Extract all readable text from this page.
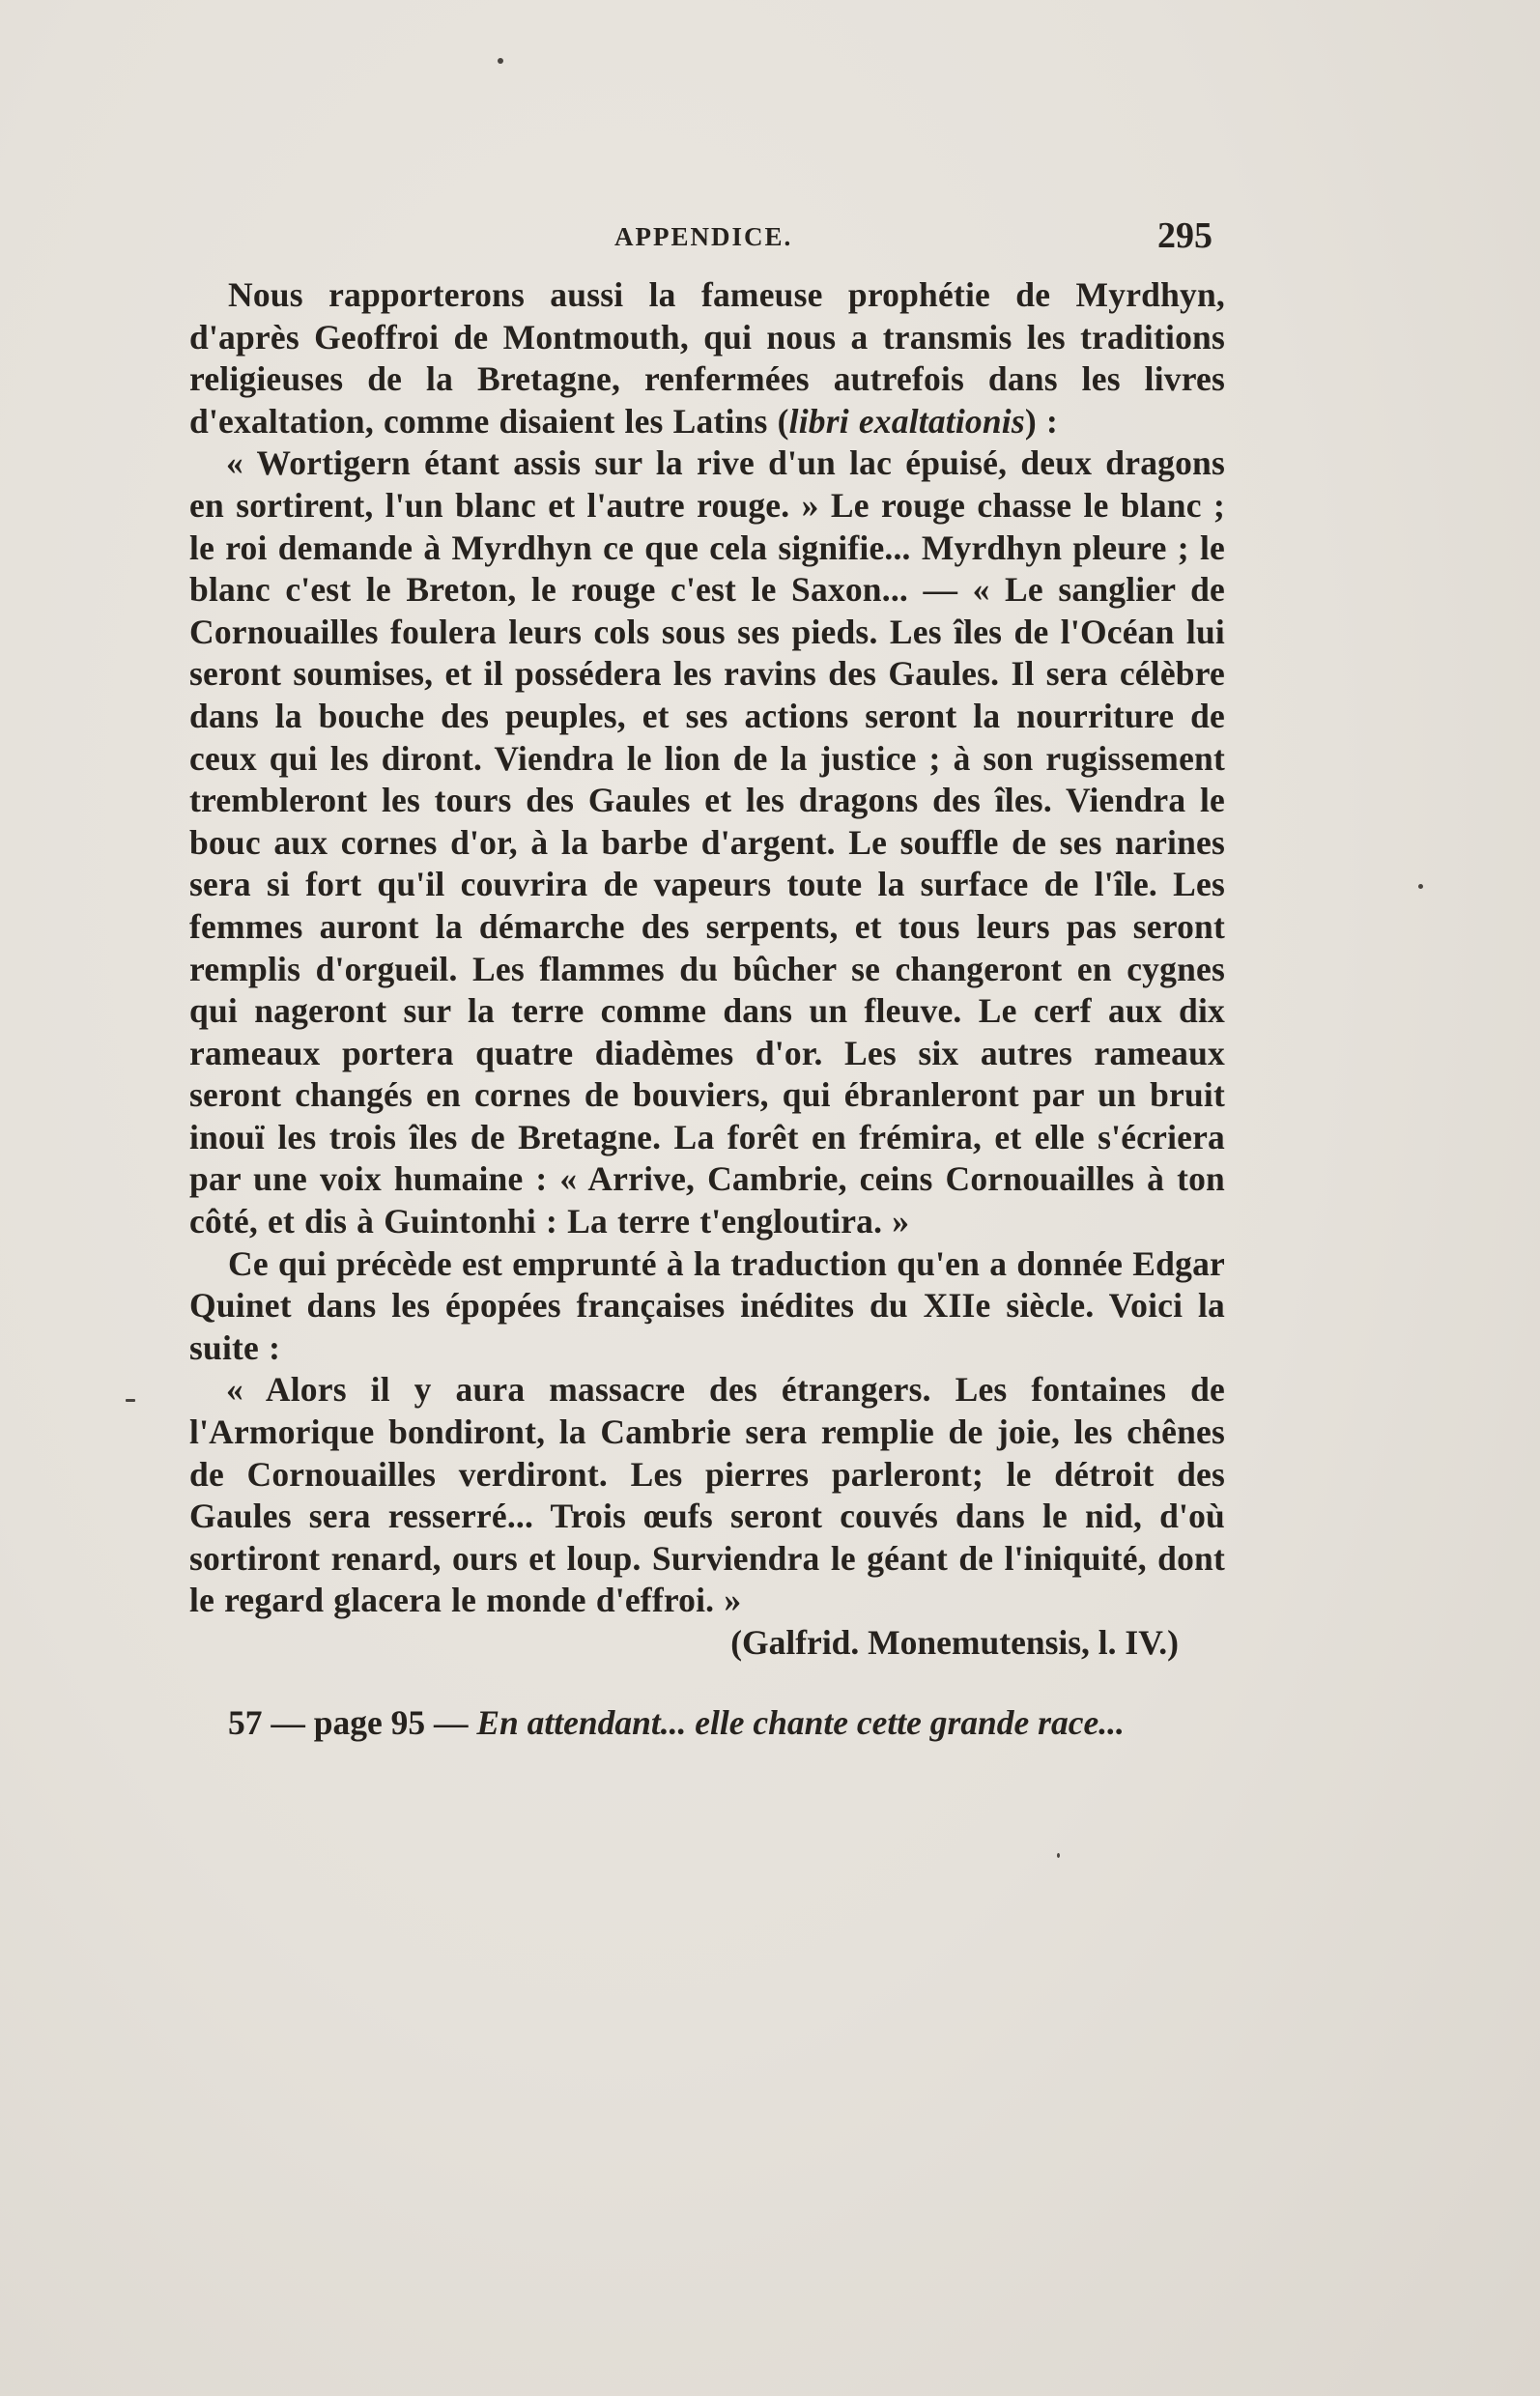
APPENDICE.	295

Nous rapporterons aussi la fameuse prophétie de Myrdhyn, d'après Geoffroi de Montmouth, qui nous a transmis les traditions religieuses de la Bretagne, renfermées autrefois dans les livres d'exaltation, comme disaient les Latins (libri exaltationis) :

« Wortigern étant assis sur la rive d'un lac épuisé, deux dragons en sortirent, l'un blanc et l'autre rouge. » Le rouge chasse le blanc ; le roi demande à Myrdhyn ce que cela signifie... Myrdhyn pleure ; le blanc c'est le Breton, le rouge c'est le Saxon... — « Le sanglier de Cornouailles foulera leurs cols sous ses pieds. Les îles de l'Océan lui seront soumises, et il possédera les ravins des Gaules. Il sera célèbre dans la bouche des peuples, et ses actions seront la nourriture de ceux qui les diront. Viendra le lion de la justice ; à son rugissement trembleront les tours des Gaules et les dragons des îles. Viendra le bouc aux cornes d'or, à la barbe d'argent. Le souffle de ses narines sera si fort qu'il couvrira de vapeurs toute la surface de l'île. Les femmes auront la démarche des serpents, et tous leurs pas seront remplis d'orgueil. Les flammes du bûcher se changeront en cygnes qui nageront sur la terre comme dans un fleuve. Le cerf aux dix rameaux portera quatre diadèmes d'or. Les six autres rameaux seront changés en cornes de bouviers, qui ébranleront par un bruit inouï les trois îles de Bretagne. La forêt en frémira, et elle s'écriera par une voix humaine : « Arrive, Cambrie, ceins Cornouailles à ton côté, et dis à Guintonhi : La terre t'engloutira. »

Ce qui précède est emprunté à la traduction qu'en a donnée Edgar Quinet dans les épopées françaises inédites du XIIe siècle. Voici la suite :

« Alors il y aura massacre des étrangers. Les fontaines de l'Armorique bondiront, la Cambrie sera remplie de joie, les chênes de Cornouailles verdiront. Les pierres parleront; le détroit des Gaules sera resserré... Trois œufs seront couvés dans le nid, d'où sortiront renard, ours et loup. Surviendra le géant de l'iniquité, dont le regard glacera le monde d'effroi. »

(Galfrid. Monemutensis, l. IV.)

57 — page 95 — En attendant... elle chante cette grande race...
